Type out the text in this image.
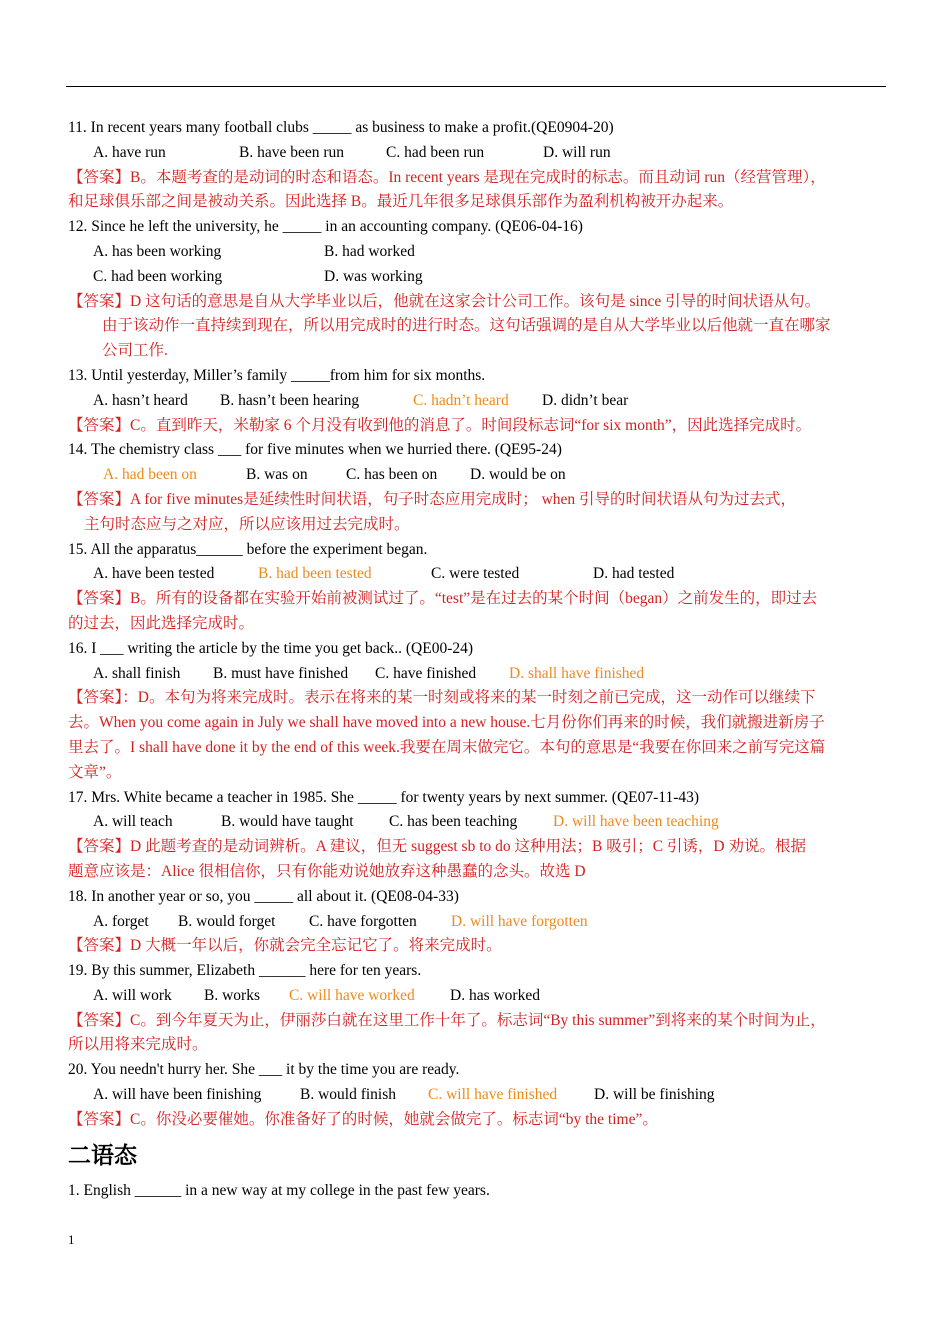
11. In recent years many football clubs _____ as business to make a profit.(QE0904-20)
A. have run	B. have been run	C. had been run	D. will run
【答案】B。本题考查的是动词的时态和语态。In recent years 是现在完成时的标志。而且动词 run（经营管理），
和足球俱乐部之间是被动关系。因此选择 B。最近几年很多足球俱乐部作为盈利机构被开办起来。
12. Since he left the university, he _____ in an accounting company. (QE06-04-16)
A. has been working	B. had worked
C. had been working	D. was working
【答案】D 这句话的意思是自从大学毕业以后，他就在这家会计公司工作。该句是 since 引导的时间状语从句。
由于该动作一直持续到现在，所以用完成时的进行时态。这句话强调的是自从大学毕业以后他就一直在哪家
公司工作.
13. Until yesterday, Miller’s family _____from him for six months.
A. hasn’t heard B. hasn’t been hearing	C. hadn’t heard D. didn’t bear
【答案】C。直到昨天，米勒家 6 个月没有收到他的消息了。时间段标志词“for six month”，因此选择完成时。
14. The chemistry class ___ for five minutes when we hurried there. (QE95-24)
A. had been on	B. was on C. has been on D. would be on
【答案】A for five minutes是延续性时间状语，句子时态应用完成时； when 引导的时间状语从句为过去式，
主句时态应与之对应，所以应该用过去完成时。
15. All the apparatus______ before the experiment began.
A. have been tested	B. had been tested	C. were tested	D. had tested
【答案】B。所有的设备都在实验开始前被测试过了。“test”是在过去的某个时间（began）之前发生的，即过去
的过去，因此选择完成时。
16. I ___ writing the article by the time you get back.. (QE00-24)
A. shall finish B. must have finished C. have finished D. shall have finished
【答案】：D。本句为将来完成时。表示在将来的某一时刻或将来的某一时刻之前已完成，这一动作可以继续下
去。When you come again in July we shall have moved into a new house.七月份你们再来的时候，我们就搬进新房子
里去了。I shall have done it by the end of this week.我要在周末做完它。本句的意思是“我要在你回来之前写完这篇
文章”。
17. Mrs. White became a teacher in 1985. She _____ for twenty years by next summer. (QE07-11-43)
A. will teach	B. would have taught C. has been teaching D. will have been teaching
【答案】D 此题考查的是动词辨析。A 建议，但无 suggest sb to do 这种用法；B 吸引；C 引诱，D 劝说。根据
题意应该是：Alice 很相信你，只有你能劝说她放弃这种愚蠢的念头。故选 D
18. In another year or so, you _____ all about it. (QE08-04-33)
A. forget B. would forget C. have forgotten D. will have forgotten
【答案】D 大概一年以后，你就会完全忘记它了。将来完成时。
19. By this summer, Elizabeth ______ here for ten years.
A. will work B. works C. will have worked D. has worked
【答案】C。到今年夏天为止，伊丽莎白就在这里工作十年了。标志词“By this summer”到将来的某个时间为止，
所以用将来完成时。
20. You needn't hurry her. She ___ it by the time you are ready.
A. will have been finishing B. would finish C. will have finished D. will be finishing
【答案】C。你没必要催她。你准备好了的时候，她就会做完了。标志词“by the time”。
二语态
1. English ______ in a new way at my college in the past few years.
1
